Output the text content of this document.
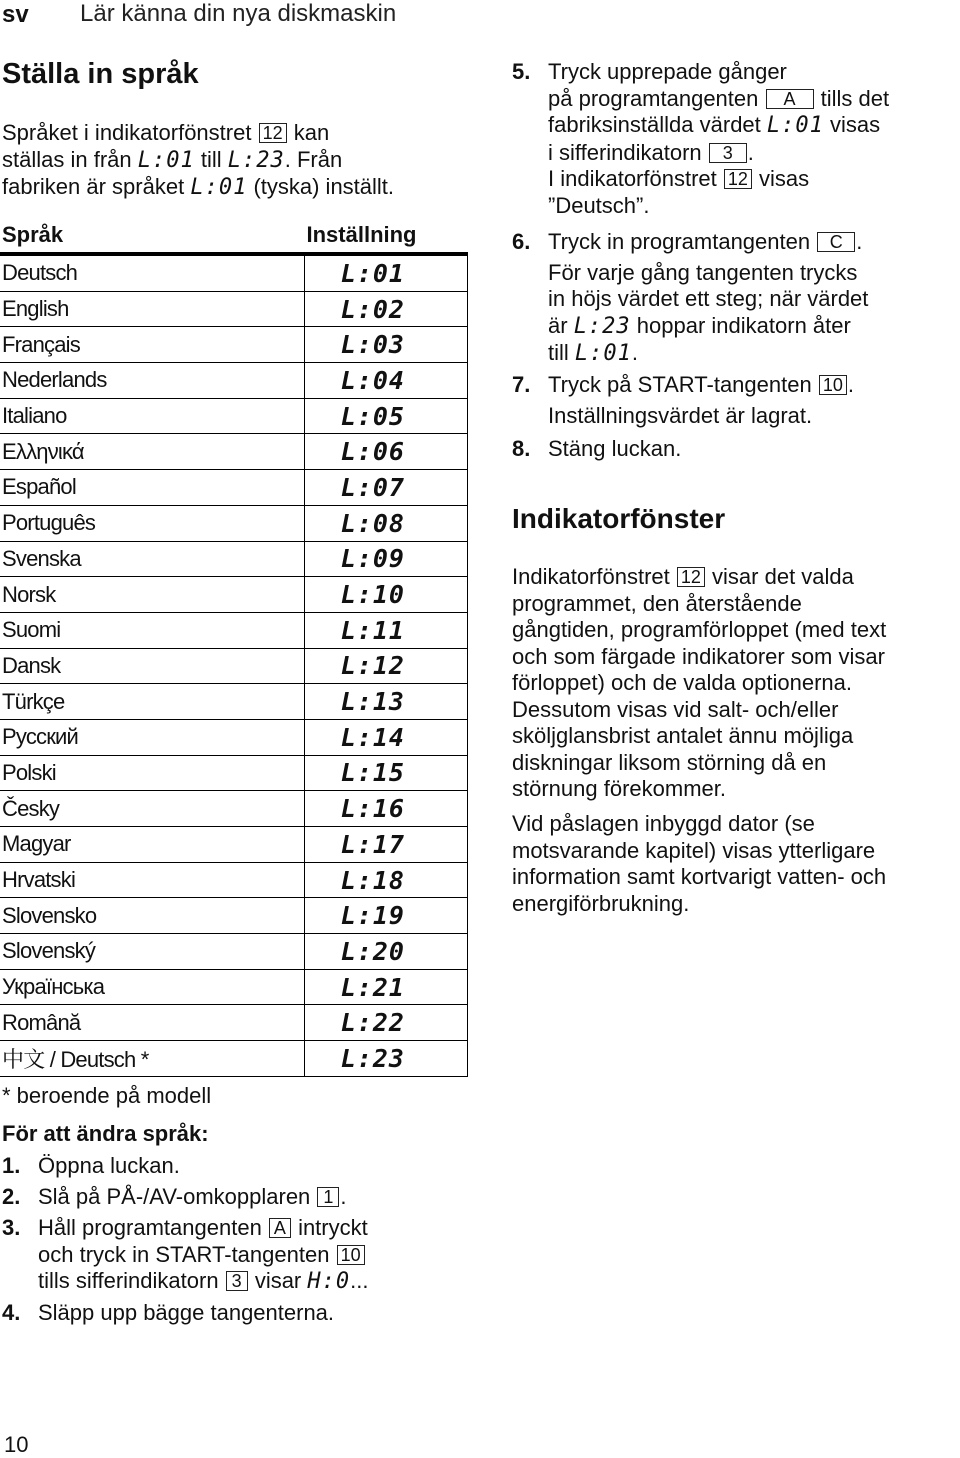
sv Lär känna din nya diskmaskin
Ställa in språk
Språket i indikatorfönstret 12 kan
ställas in från L:01 till L:23. Från
fabriken är språket L:01 (tyska) inställt.
Språk	Inställning
Deutsch	L:01
English	L:02
Français	L:03
Nederlands	L:04
Italiano	L:05
Ελληνικά	L:06
Español	L:07
Português	L:08
Svenska	L:09
Norsk	L:10
Suomi	L:11
Dansk	L:12
Türkçe	L:13
Русский	L:14
Polski	L:15
Česky	L:16
Magyar	L:17
Hrvatski	L:18
Slovensko	L:19
Slovenský	L:20
Українська	L:21
Română	L:22
中文 / Deutsch *	L:23
* beroende på modell
För att ändra språk:
1. Öppna luckan.
2. Slå på PÅ-/AV-omkopplaren 1 .
3. Håll programtangenten A intryckt
och tryck in START-tangenten 10
tills sifferindikatorn 3 visar H:0...
4. Släpp upp bägge tangenterna.
5. Tryck upprepade gånger
på programtangenten A tills det
fabriksinställda värdet L:01 visas
i sifferindikatorn 3 .
I indikatorfönstret 12 visas
”Deutsch”.
6. Tryck in programtangenten C .
För varje gång tangenten trycks
in höjs värdet ett steg; när värdet
är L:23 hoppar indikatorn åter
till L:01.
7. Tryck på START-tangenten 10 .
Inställningsvärdet är lagrat.
8. Stäng luckan.
Indikatorfönster
Indikatorfönstret 12 visar det valda
programmet, den återstående
gångtiden, programförloppet (med text
och som färgade indikatorer som visar
förloppet) och de valda optionerna.
Dessutom visas vid salt- och/eller
sköljglansbrist antalet ännu möjliga
diskningar liksom störning då en
störnung förekommer.
Vid påslagen inbyggd dator (se
motsvarande kapitel) visas ytterligare
information samt kortvarigt vatten- och
energiförbrukning.
10
